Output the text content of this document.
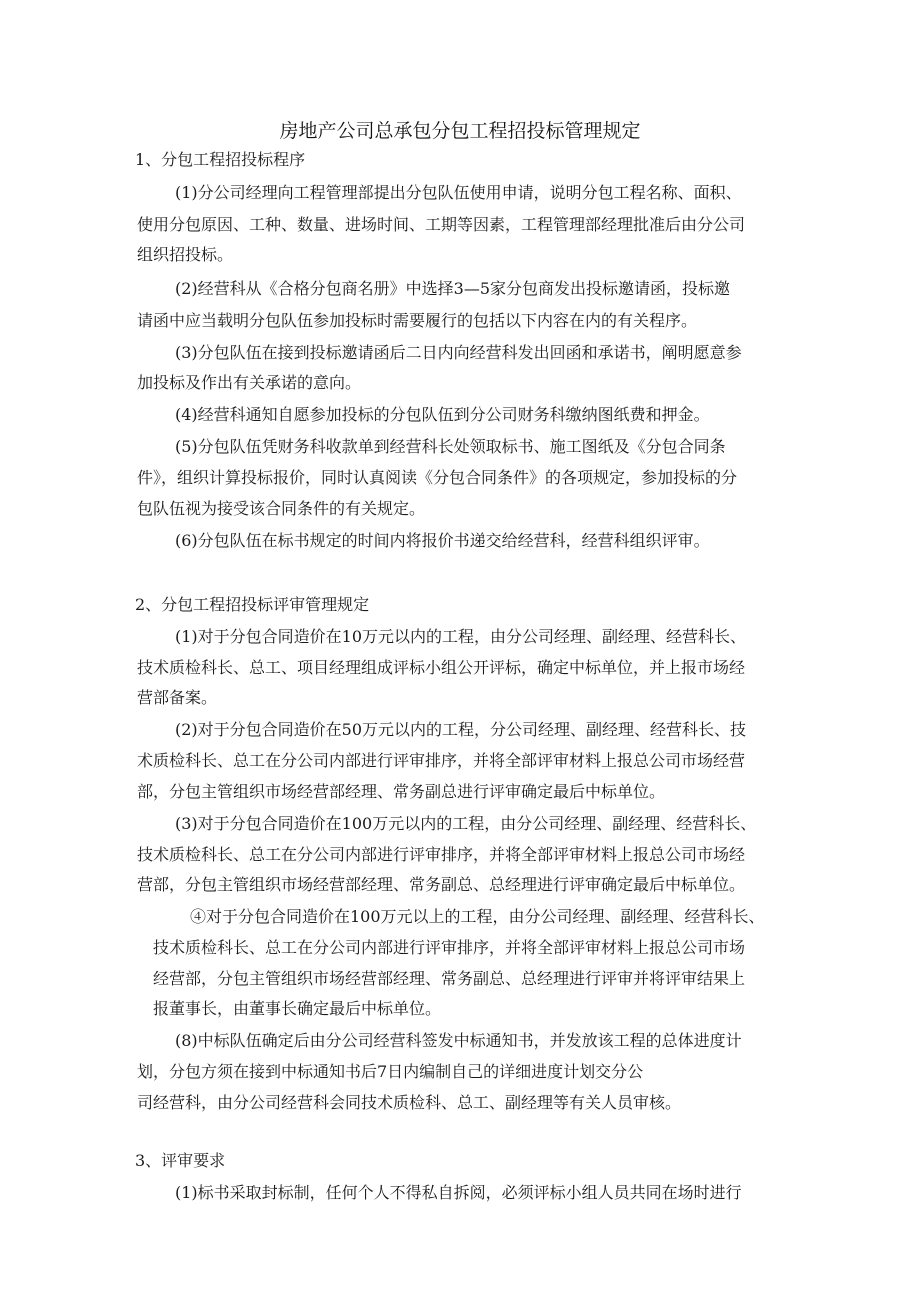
房地产公司总承包分包工程招投标管理规定

1、分包工程招投标程序

(1)分公司经理向工程管理部提出分包队伍使用申请，说明分包工程名称、面积、

使用分包原因、工种、数量、进场时间、工期等因素，工程管理部经理批准后由分公司

组织招投标。

(2)经营科从《合格分包商名册》中选择3—5家分包商发出投标邀请函，投标邀

请函中应当载明分包队伍参加投标时需要履行的包括以下内容在内的有关程序。

(3)分包队伍在接到投标邀请函后二日内向经营科发出回函和承诺书，阐明愿意参

加投标及作出有关承诺的意向。

(4)经营科通知自愿参加投标的分包队伍到分公司财务科缴纳图纸费和押金。

(5)分包队伍凭财务科收款单到经营科长处领取标书、施工图纸及《分包合同条

件》，组织计算投标报价，同时认真阅读《分包合同条件》的各项规定，参加投标的分

包队伍视为接受该合同条件的有关规定。

(6)分包队伍在标书规定的时间内将报价书递交给经营科，经营科组织评审。

2、分包工程招投标评审管理规定

(1)对于分包合同造价在10万元以内的工程，由分公司经理、副经理、经营科长、

技术质检科长、总工、项目经理组成评标小组公开评标，确定中标单位，并上报市场经

营部备案。

(2)对于分包合同造价在50万元以内的工程，分公司经理、副经理、经营科长、技

术质检科长、总工在分公司内部进行评审排序，并将全部评审材料上报总公司市场经营

部，分包主管组织市场经营部经理、常务副总进行评审确定最后中标单位。

(3)对于分包合同造价在100万元以内的工程，由分公司经理、副经理、经营科长、

技术质检科长、总工在分公司内部进行评审排序，并将全部评审材料上报总公司市场经

营部，分包主管组织市场经营部经理、常务副总、总经理进行评审确定最后中标单位。

④对于分包合同造价在100万元以上的工程，由分公司经理、副经理、经营科长、

技术质检科长、总工在分公司内部进行评审排序，并将全部评审材料上报总公司市场

经营部，分包主管组织市场经营部经理、常务副总、总经理进行评审并将评审结果上

报董事长，由董事长确定最后中标单位。

(8)中标队伍确定后由分公司经营科签发中标通知书，并发放该工程的总体进度计

划，分包方须在接到中标通知书后7日内编制自己的详细进度计划交分公

司经营科，由分公司经营科会同技术质检科、总工、副经理等有关人员审核。

3、评审要求

(1)标书采取封标制，任何个人不得私自拆阅，必须评标小组人员共同在场时进行
